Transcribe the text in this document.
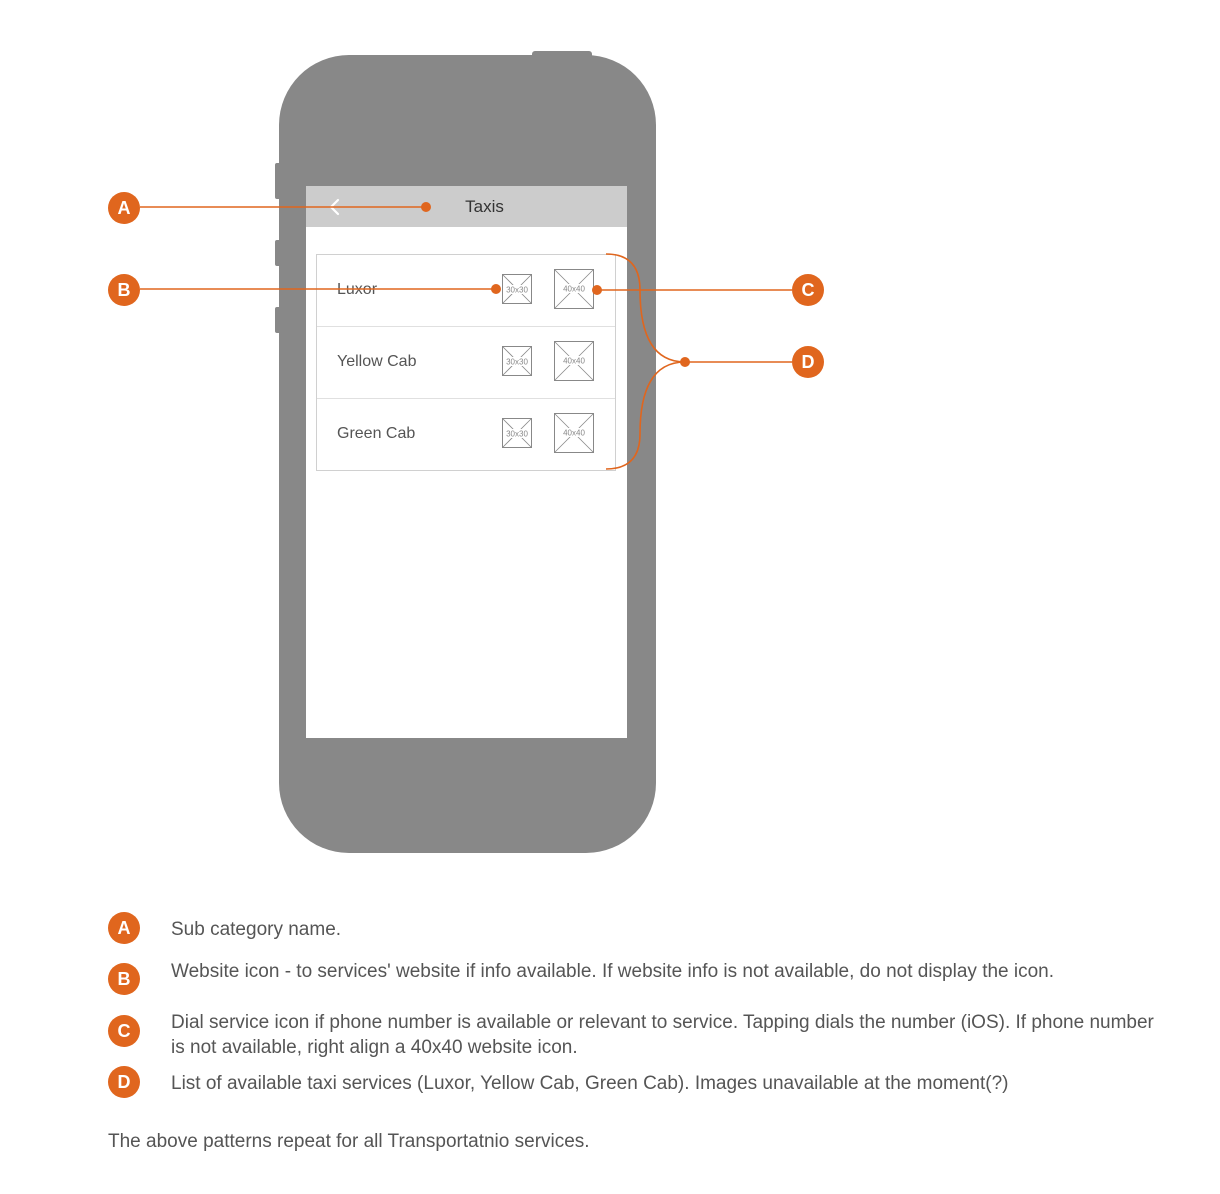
Taxis
Luxor	30x30	40x40
Yellow Cab	30x30	40x40
Green Cab	30x30	40x40
A
B	C
D
A	Sub category name.
B	Website icon - to services' website if info available. If website info is not available, do not display the icon.
C	Dial service icon if phone number is available or relevant to service. Tapping dials the number (iOS). If phone number is not available, right align a 40x40 website icon.
D	List of available taxi services (Luxor, Yellow Cab, Green Cab). Images unavailable at the moment(?)
The above patterns repeat for all Transportatnio services.
